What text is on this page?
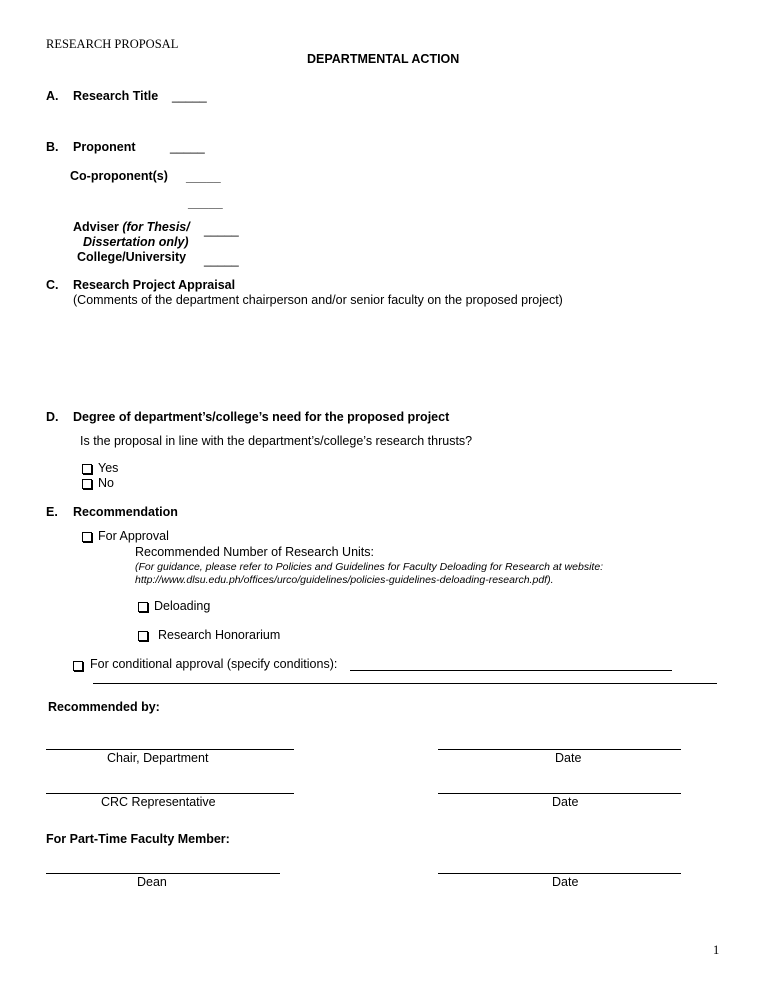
RESEARCH PROPOSAL
DEPARTMENTAL ACTION
A. Research Title _____
B. Proponent	_____
Co-proponent(s) _____
_____
Adviser (for Thesis/
Dissertation only)
_____
College/University _____
C. Research Project Appraisal
(Comments of the department chairperson and/or senior faculty on the proposed project)
D. Degree of department’s/college’s need for the proposed project
Is the proposal in line with the department’s/college’s research thrusts?
Yes
No
E. Recommendation
For Approval
Recommended Number of Research Units:
(For guidance, please refer to Policies and Guidelines for Faculty Deloading for Research at website:
http://www.dlsu.edu.ph/offices/urco/guidelines/policies-guidelines-deloading-research.pdf).
Deloading
Research Honorarium
For conditional approval (specify conditions):
Recommended by:
Chair, Department	Date
CRC Representative	Date
For Part-Time Faculty Member:
Dean	Date
1
